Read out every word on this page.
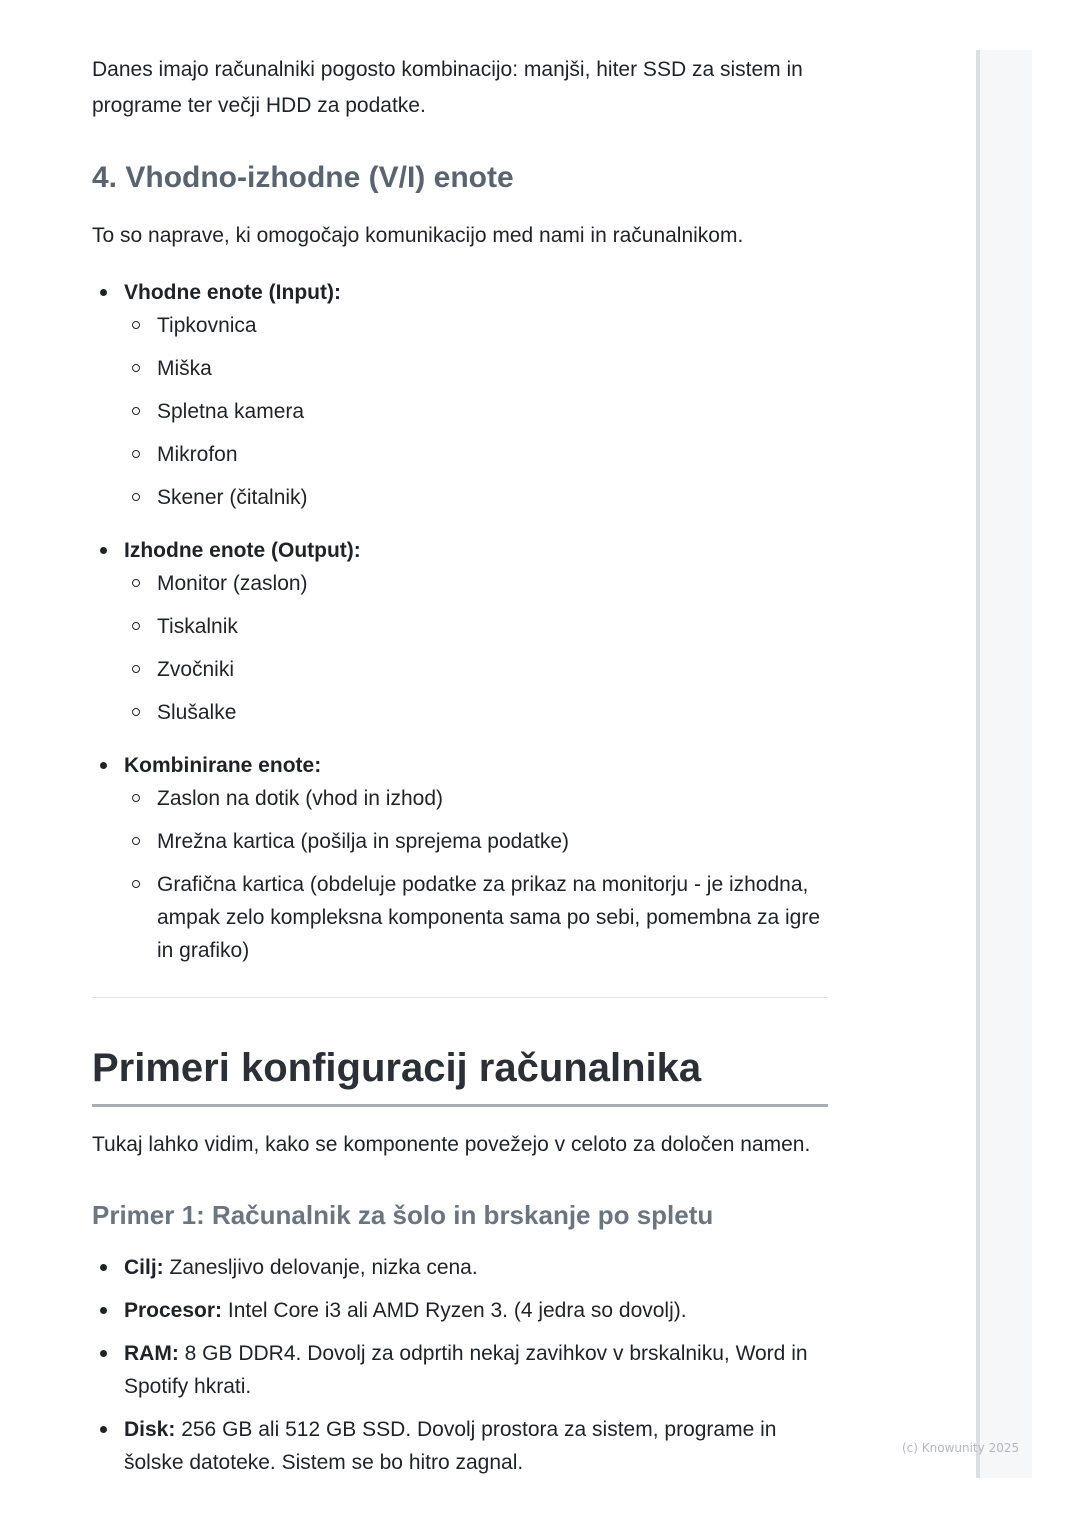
Danes imajo računalniki pogosto kombinacijo: manjši, hiter SSD za sistem in programe ter večji HDD za podatke.

4. Vhodno-izhodne (V/I) enote

To so naprave, ki omogočajo komunikacijo med nami in računalnikom.

Vhodne enote (Input):
Tipkovnica
Miška
Spletna kamera
Mikrofon
Skener (čitalnik)
Izhodne enote (Output):
Monitor (zaslon)
Tiskalnik
Zvočniki
Slušalke
Kombinirane enote:
Zaslon na dotik (vhod in izhod)
Mrežna kartica (pošilja in sprejema podatke)
Grafična kartica (obdeluje podatke za prikaz na monitorju - je izhodna, ampak zelo kompleksna komponenta sama po sebi, pomembna za igre in grafiko)
Primeri konfiguracij računalnika

Tukaj lahko vidim, kako se komponente povežejo v celoto za določen namen.

Primer 1: Računalnik za šolo in brskanje po spletu
Cilj: Zanesljivo delovanje, nizka cena.
Procesor: Intel Core i3 ali AMD Ryzen 3. (4 jedra so dovolj).
RAM: 8 GB DDR4. Dovolj za odprtih nekaj zavihkov v brskalniku, Word in Spotify hkrati.
Disk: 256 GB ali 512 GB SSD. Dovolj prostora za sistem, programe in šolske datoteke. Sistem se bo hitro zagnal.
(c) Knowunity 2025
